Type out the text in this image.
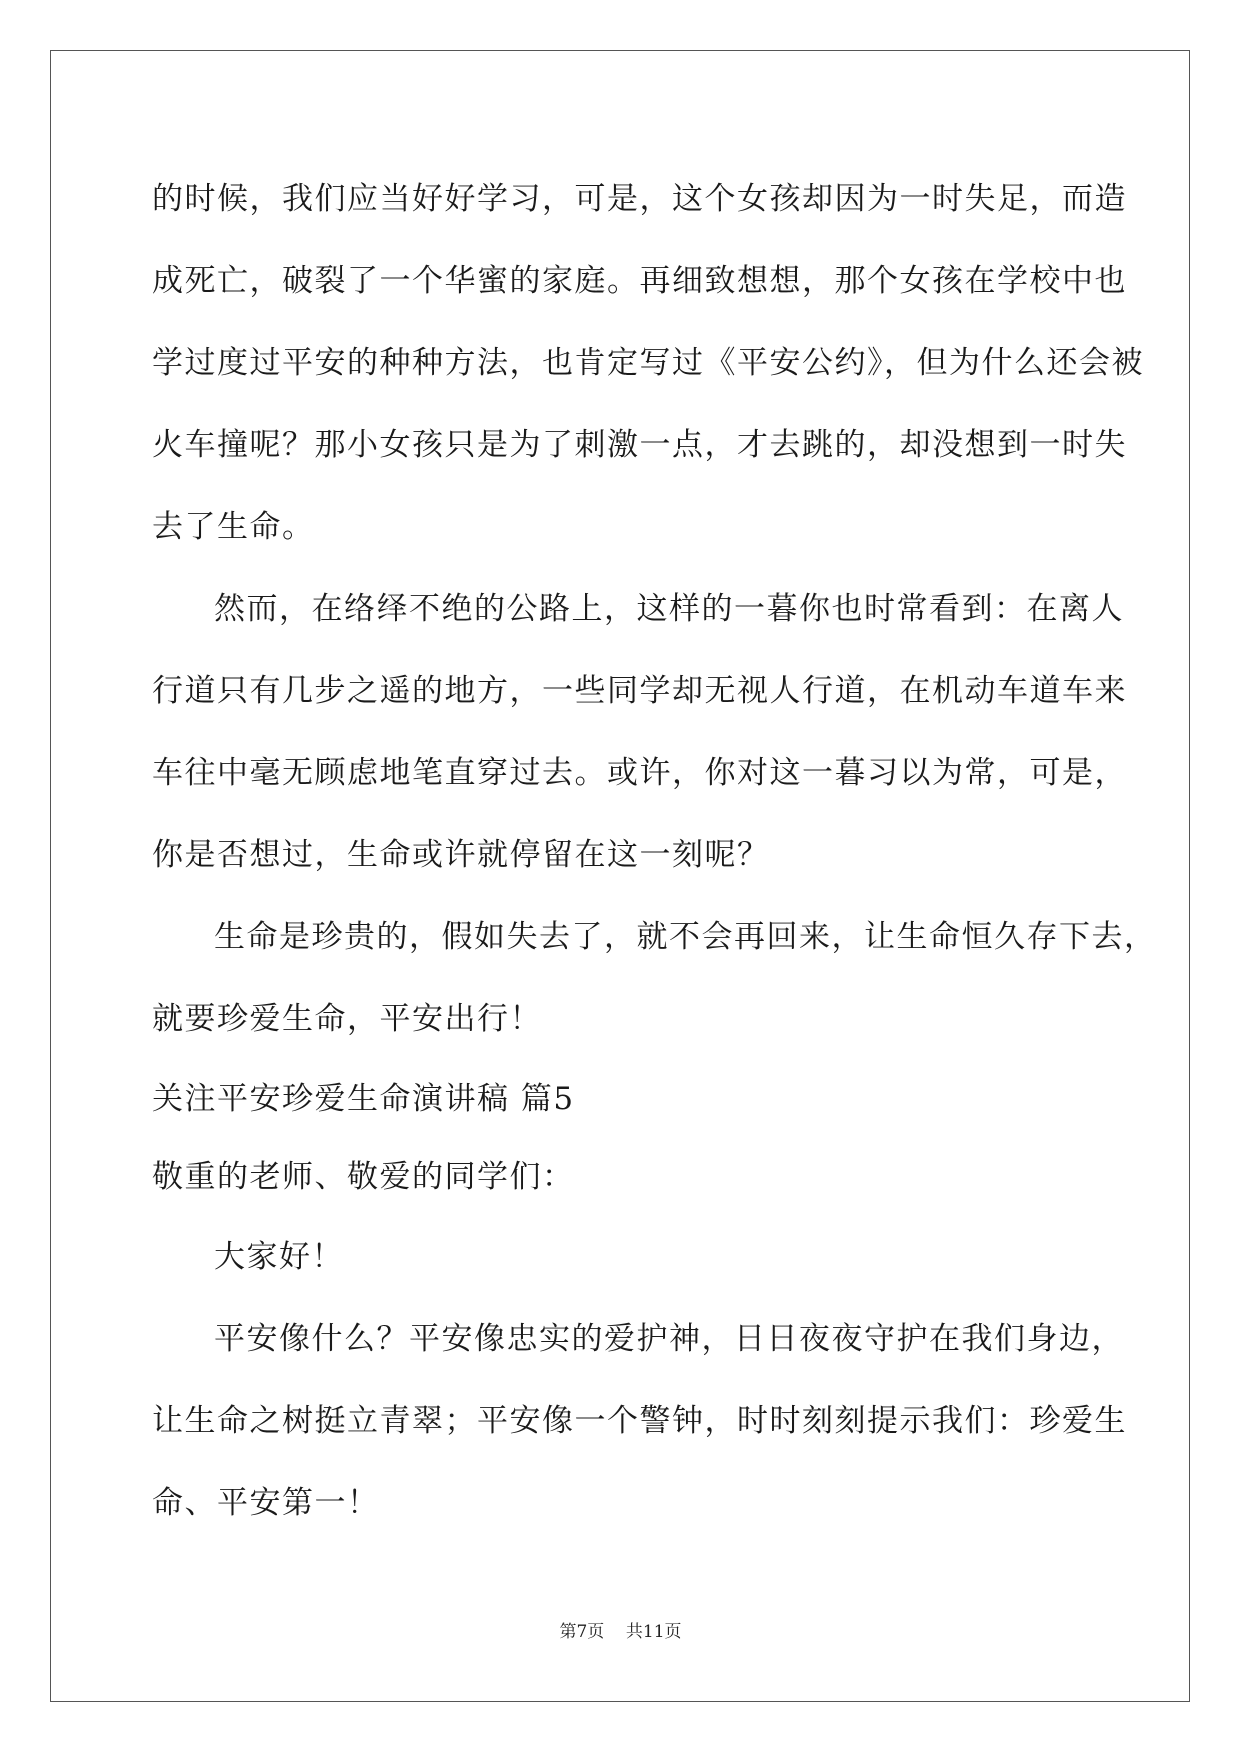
的时候，我们应当好好学习，可是，这个女孩却因为一时失足，而造
成死亡，破裂了一个华蜜的家庭。再细致想想，那个女孩在学校中也
学过度过平安的种种方法，也肯定写过《平安公约》，但为什么还会被
火车撞呢？那小女孩只是为了刺激一点，才去跳的，却没想到一时失
去了生命。
然而，在络绎不绝的公路上，这样的一暮你也时常看到：在离人
行道只有几步之遥的地方，一些同学却无视人行道，在机动车道车来
车往中毫无顾虑地笔直穿过去。或许，你对这一暮习以为常，可是，
你是否想过，生命或许就停留在这一刻呢？
生命是珍贵的，假如失去了，就不会再回来，让生命恒久存下去，
就要珍爱生命，平安出行！
关注平安珍爱生命演讲稿 篇5
敬重的老师、敬爱的同学们：
大家好！
平安像什么？平安像忠实的爱护神，日日夜夜守护在我们身边，
让生命之树挺立青翠；平安像一个警钟，时时刻刻提示我们：珍爱生
命、平安第一！
第7页 共11页
